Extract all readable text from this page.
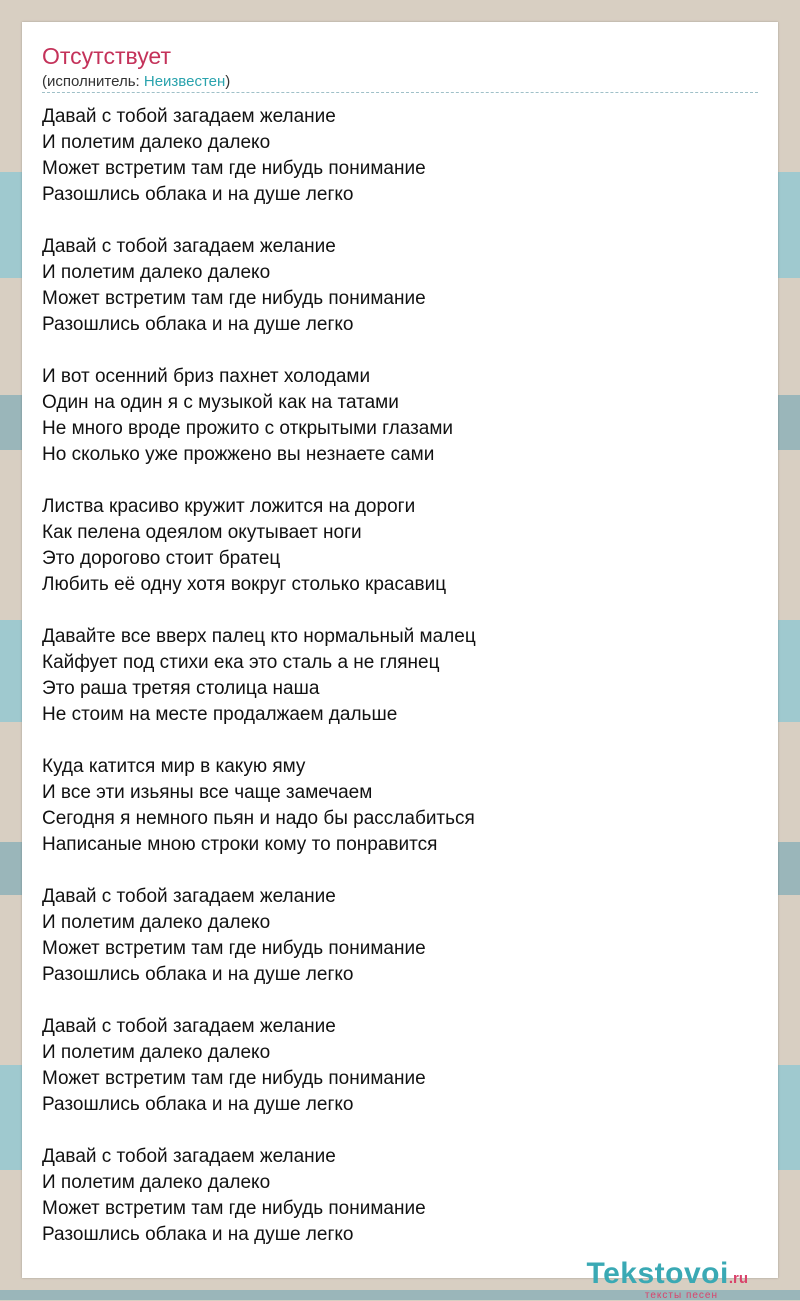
Отсутствует
(исполнитель: Неизвестен)
Давай с тобой загадаем желание
И полетим далеко далеко
Может встретим там где нибудь понимание
Разошлись облака и на душе легко
Давай с тобой загадаем желание
И полетим далеко далеко
Может встретим там где нибудь понимание
Разошлись облака и на душе легко
И вот осенний бриз пахнет холодами
Один на один я с музыкой как на татами
Не много вроде прожито с открытыми глазами
Но сколько уже прожжено вы незнаете сами
Листва красиво кружит ложится на дороги
Как пелена одеялом окутывает ноги
Это дорогово стоит братец
Любить её одну хотя вокруг столько красавиц
Давайте все вверх палец кто нормальный малец
Кайфует под стихи ека это сталь а не глянец
Это раша третяя столица наша
Не стоим на месте продалжаем дальше
Куда катится мир в какую яму
И все эти изьяны все чаще замечаем
Сегодня я немного пьян и надо бы расслабиться
Написаные мною строки кому то понравится
Давай с тобой загадаем желание
И полетим далеко далеко
Может встретим там где нибудь понимание
Разошлись облака и на душе легко
Давай с тобой загадаем желание
И полетим далеко далеко
Может встретим там где нибудь понимание
Разошлись облака и на душе легко
Давай с тобой загадаем желание
И полетим далеко далеко
Может встретим там где нибудь понимание
Разошлись облака и на душе легко
Tekstovoi.ru
тексты песен
